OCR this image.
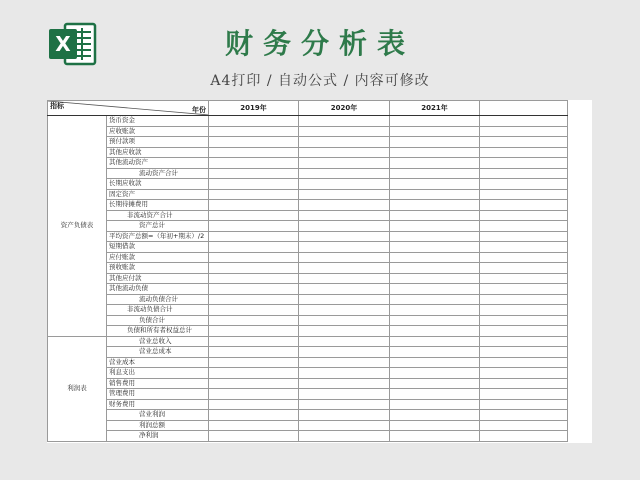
X	财务分析表
A4打印 / 自动公式 / 内容可修改
指标 年份		2019年	2020年	2021年	
资产负债表	货币资金				
	应收账款				
	预付款项				
	其他应收款				
	其他流动资产				
	流动资产合计				
	长期应收款				
	固定资产				
	长期待摊费用				
	非流动资产合计				
	资产总计				
	平均资产总额=（年初+期末）/2				
	短期借款				
	应付账款				
	预收账款				
	其他应付款				
	其他流动负债				
	流动负债合计				
	非流动负债合计				
	负债合计				
	负债和所有者权益总计				
利润表	营业总收入				
	营业总成本				
	营业成本				
	利息支出				
	销售费用				
	管理费用				
	财务费用				
	营业利润				
	利润总额				
	净利润				
